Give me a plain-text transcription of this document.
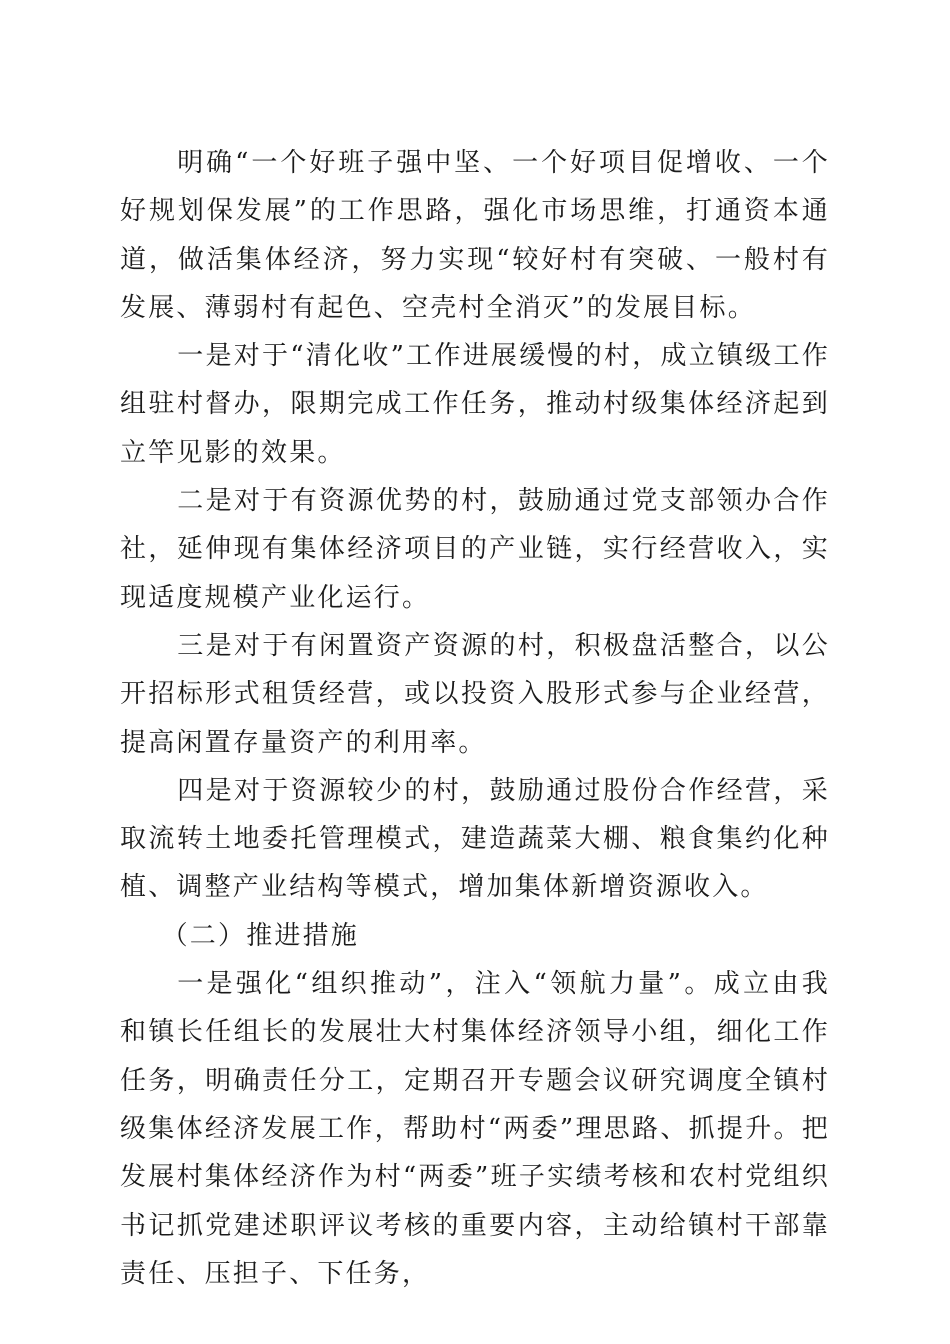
明确“一个好班子强中坚、一个好项目促增收、一个好规划保发展”的工作思路，强化市场思维，打通资本通道，做活集体经济，努力实现“较好村有突破、一般村有发展、薄弱村有起色、空壳村全消灭”的发展目标。

一是对于“清化收”工作进展缓慢的村，成立镇级工作组驻村督办，限期完成工作任务，推动村级集体经济起到立竿见影的效果。

二是对于有资源优势的村，鼓励通过党支部领办合作社，延伸现有集体经济项目的产业链，实行经营收入，实现适度规模产业化运行。

三是对于有闲置资产资源的村，积极盘活整合，以公开招标形式租赁经营，或以投资入股形式参与企业经营，提高闲置存量资产的利用率。

四是对于资源较少的村，鼓励通过股份合作经营，采取流转土地委托管理模式，建造蔬菜大棚、粮食集约化种植、调整产业结构等模式，增加集体新增资源收入。

（二）推进措施

一是强化“组织推动”，注入“领航力量”。成立由我和镇长任组长的发展壮大村集体经济领导小组，细化工作任务，明确责任分工，定期召开专题会议研究调度全镇村级集体经济发展工作，帮助村“两委”理思路、抓提升。把发展村集体经济作为村“两委”班子实绩考核和农村党组织书记抓党建述职评议考核的重要内容，主动给镇村干部靠责任、压担子、下任务，
